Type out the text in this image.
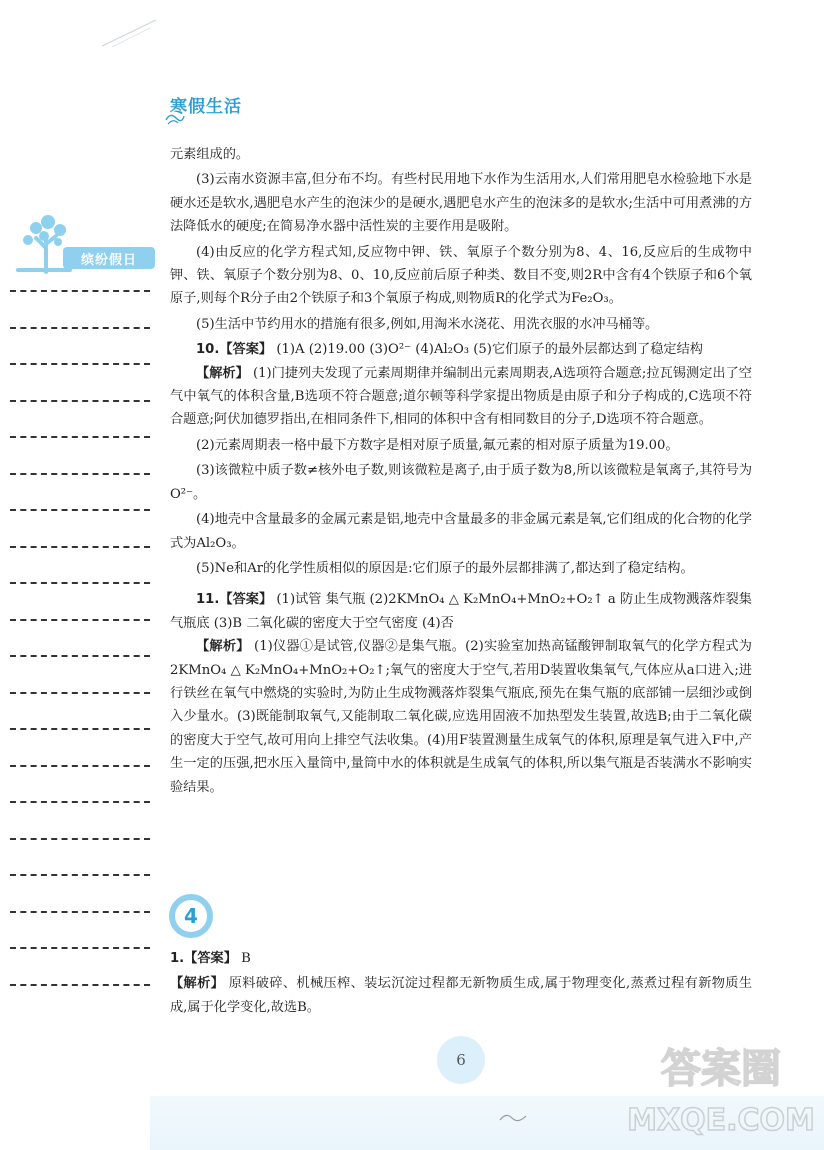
寒假生活
缤纷假日

元素组成的。

(3)云南水资源丰富,但分布不均。有些村民用地下水作为生活用水,人们常用肥皂水检验地下水是硬水还是软水,遇肥皂水产生的泡沫少的是硬水,遇肥皂水产生的泡沫多的是软水;生活中可用煮沸的方法降低水的硬度;在简易净水器中活性炭的主要作用是吸附。

(4)由反应的化学方程式知,反应物中钾、铁、氧原子个数分别为8、4、16,反应后的生成物中钾、铁、氧原子个数分别为8、0、10,反应前后原子种类、数目不变,则2R中含有4个铁原子和6个氧原子,则每个R分子由2个铁原子和3个氧原子构成,则物质R的化学式为Fe₂O₃。

(5)生活中节约用水的措施有很多,例如,用淘米水浇花、用洗衣服的水冲马桶等。

10.【答案】 (1)A (2)19.00 (3)O²⁻ (4)Al₂O₃ (5)它们原子的最外层都达到了稳定结构

【解析】 (1)门捷列夫发现了元素周期律并编制出元素周期表,A选项符合题意;拉瓦锡测定出了空气中氧气的体积含量,B选项不符合题意;道尔顿等科学家提出物质是由原子和分子构成的,C选项不符合题意;阿伏加德罗指出,在相同条件下,相同的体积中含有相同数目的分子,D选项不符合题意。

(2)元素周期表一格中最下方数字是相对原子质量,氟元素的相对原子质量为19.00。

(3)该微粒中质子数≠核外电子数,则该微粒是离子,由于质子数为8,所以该微粒是氧离子,其符号为O²⁻。

(4)地壳中含量最多的金属元素是铝,地壳中含量最多的非金属元素是氧,它们组成的化合物的化学式为Al₂O₃。

(5)Ne和Ar的化学性质相似的原因是:它们原子的最外层都排满了,都达到了稳定结构。

11.【答案】 (1)试管 集气瓶 (2)2KMnO₄ △ K₂MnO₄+MnO₂+O₂↑ a 防止生成物溅落炸裂集气瓶底 (3)B 二氧化碳的密度大于空气密度 (4)否

【解析】 (1)仪器①是试管,仪器②是集气瓶。(2)实验室加热高锰酸钾制取氧气的化学方程式为2KMnO₄ △ K₂MnO₄+MnO₂+O₂↑;氧气的密度大于空气,若用D装置收集氧气,气体应从a口进入;进行铁丝在氧气中燃烧的实验时,为防止生成物溅落炸裂集气瓶底,预先在集气瓶的底部铺一层细沙或倒入少量水。(3)既能制取氧气,又能制取二氧化碳,应选用固液不加热型发生装置,故选B;由于二氧化碳的密度大于空气,故可用向上排空气法收集。(4)用F装置测量生成氧气的体积,原理是氧气进入F中,产生一定的压强,把水压入量筒中,量筒中水的体积就是生成氧气的体积,所以集气瓶是否装满水不影响实验结果。

4

1.【答案】 B

【解析】 原料破碎、机械压榨、装坛沉淀过程都无新物质生成,属于物理变化,蒸煮过程有新物质生成,属于化学变化,故选B。

6	答案圈
MXQE.COM
